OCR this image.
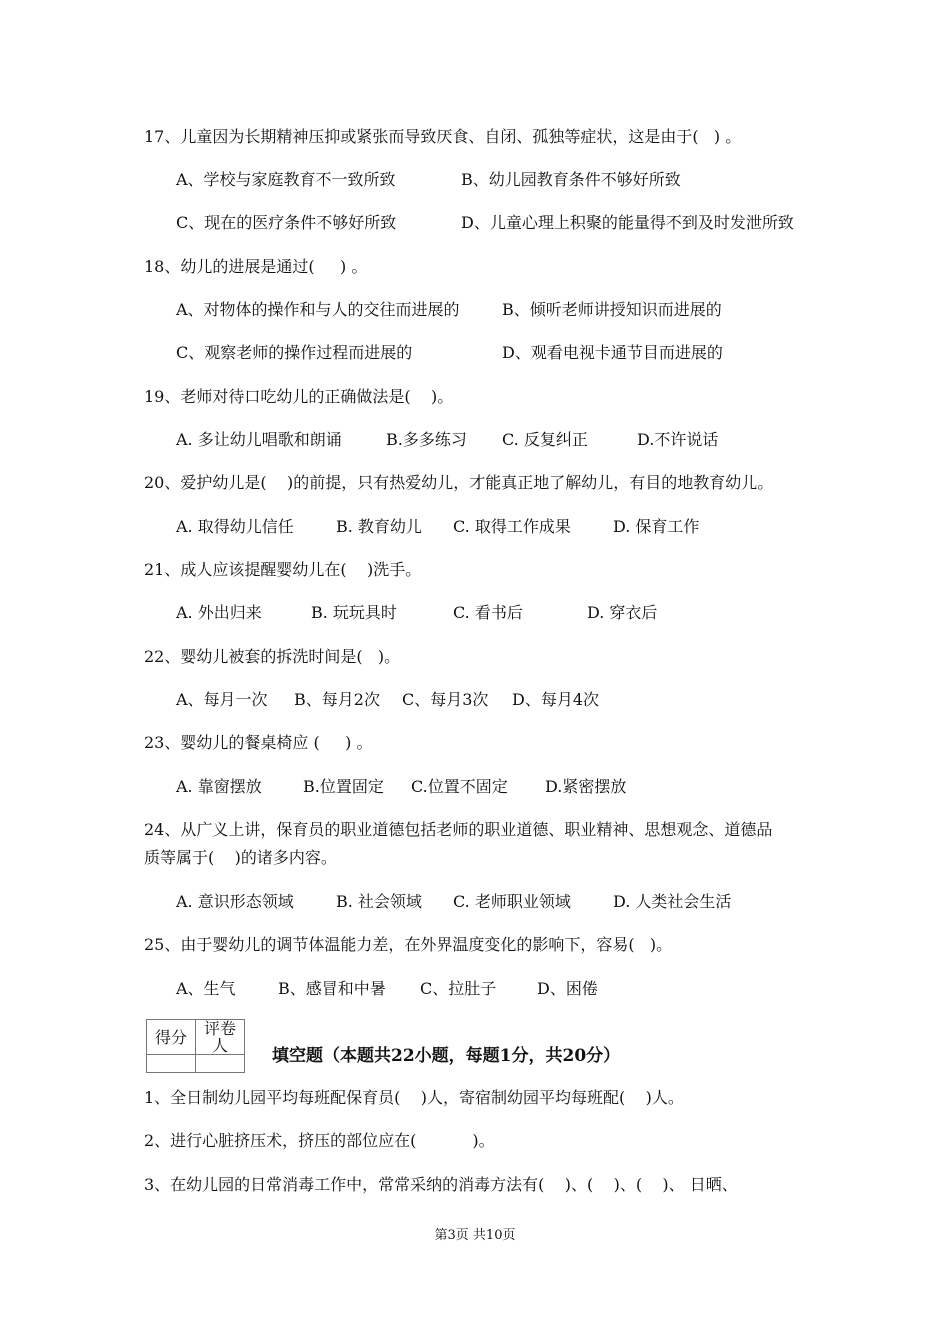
17、儿童因为长期精神压抑或紧张而导致厌食、自闭、孤独等症状，这是由于(   ) 。

A、学校与家庭教育不一致所致

	B、幼儿园教育条件不够好所致

C、现在的医疗条件不够好所致

	D、儿童心理上积聚的能量得不到及时发泄所致

18、幼儿的进展是通过(     ) 。

A、对物体的操作和与人的交往而进展的

	B、倾听老师讲授知识而进展的

C、观察老师的操作过程而进展的

	D、观看电视卡通节目而进展的

19、老师对待口吃幼儿的正确做法是(    )。

A. 多让幼儿唱歌和朗诵

	B.多多练习

C. 反复纠正

	D.不许说话

20、爱护幼儿是(    )的前提，只有热爱幼儿，才能真正地了解幼儿，有目的地教育幼儿。

A. 取得幼儿信任

	B. 教育幼儿

C. 取得工作成果

	D. 保育工作

21、成人应该提醒婴幼儿在(    )洗手。

A. 外出归来

	B. 玩玩具时

	C. 看书后

	D. 穿衣后

22、婴幼儿被套的拆洗时间是(   )。

A、每月一次

B、每月2次

C、每月3次

D、每月4次

23、婴幼儿的餐桌椅应 (     ) 。

A. 靠窗摆放

	B.位置固定

C.位置不固定

D.紧密摆放

24、从广义上讲，保育员的职业道德包括老师的职业道德、职业精神、思想观念、道德品
质等属于(    )的诸多内容。

A. 意识形态领域

	B. 社会领域

C. 老师职业领域

	D. 人类社会生活

25、由于婴幼儿的调节体温能力差，在外界温度变化的影响下，容易(   )。

A、生气

	B、感冒和中暑

C、拉肚子

	D、困倦

得分	评卷人

填空题（本题共22小题，每题1分，共20分）
1、全日制幼儿园平均每班配保育员(    )人，寄宿制幼园平均每班配(    )人。
2、进行心脏挤压术，挤压的部位应在(           )。
3、在幼儿园的日常消毒工作中，常常采纳的消毒方法有(    )、(    )、(    )、 日晒、
第3页 共10页
